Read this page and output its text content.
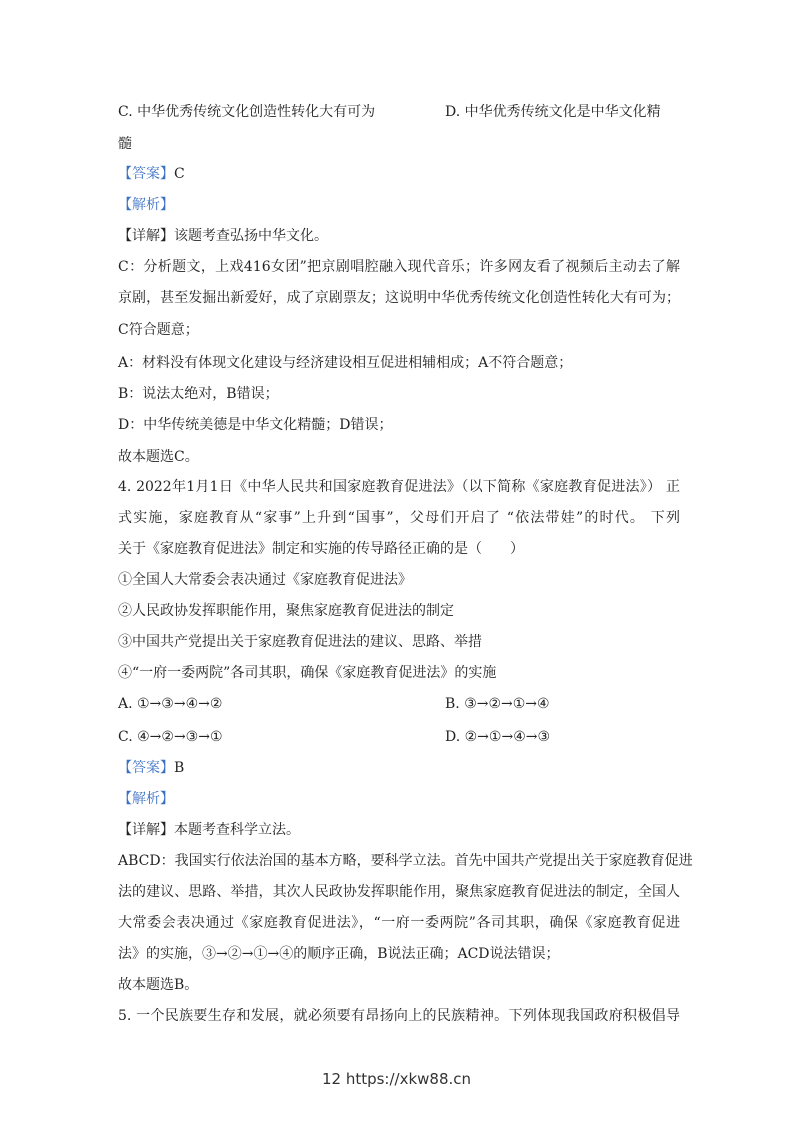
C. 中华优秀传统文化创造性转化大有可为	D. 中华优秀传统文化是中华文化精
髓
【答案】C
【解析】
【详解】该题考查弘扬中华文化。
C：分析题文，上戏416女团”把京剧唱腔融入现代音乐；许多网友看了视频后主动去了解
京剧，甚至发掘出新爱好，成了京剧票友；这说明中华优秀传统文化创造性转化大有可为；
C符合题意；
A：材料没有体现文化建设与经济建设相互促进相辅相成；A不符合题意；
B：说法太绝对，B错误；
D：中华传统美德是中华文化精髓；D错误；
故本题选C。
4. 2022年1月1日《中华人民共和国家庭教育促进法》（以下简称《家庭教育促进法》） 正
式实施，家庭教育从“家事”上升到“国事”，父母们开启了 “依法带娃”的时代。 下列
关于《家庭教育促进法》制定和实施的传导路径正确的是（　　）
①全国人大常委会表决通过《家庭教育促进法》
②人民政协发挥职能作用，聚焦家庭教育促进法的制定
③中国共产党提出关于家庭教育促进法的建议、思路、举措
④“一府一委两院”各司其职，确保《家庭教育促进法》的实施
A. ①→③→④→②	B. ③→②→①→④
C. ④→②→③→①	D. ②→①→④→③
【答案】B
【解析】
【详解】本题考查科学立法。
ABCD：我国实行依法治国的基本方略，要科学立法。首先中国共产党提出关于家庭教育促进
法的建议、思路、举措，其次人民政协发挥职能作用，聚焦家庭教育促进法的制定，全国人
大常委会表决通过《家庭教育促进法》，“一府一委两院”各司其职，确保《家庭教育促进
法》的实施，③→②→①→④的顺序正确，B说法正确；ACD说法错误；
故本题选B。
5. 一个民族要生存和发展，就必须要有昂扬向上的民族精神。下列体现我国政府积极倡导
12 https://xkw88.cn
